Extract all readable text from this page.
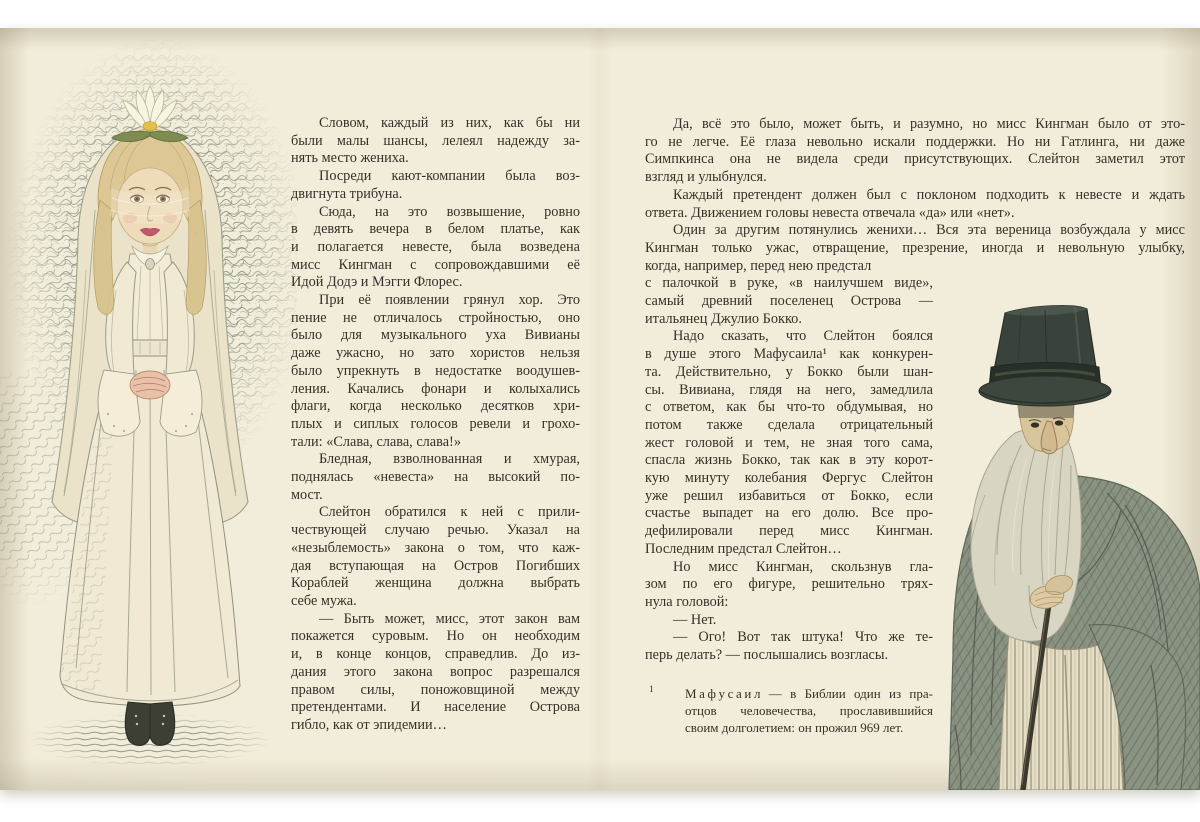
Словом, каждый из них, как бы ни
были малы шансы, лелеял надежду за-
нять место жениха.
Посреди кают-компании была воз-
двигнута трибуна.
Сюда, на это возвышение, ровно
в девять вечера в белом платье, как
и полагается невесте, была возведена
мисс Кингман с сопровождавшими её
Идой Додэ и Мэгги Флорес.
При её появлении грянул хор. Это
пение не отличалось стройностью, оно
было для музыкального уха Вивианы
даже ужасно, но зато хористов нельзя
было упрекнуть в недостатке воодушев-
ления. Качались фонари и колыхались
флаги, когда несколько десятков хри-
плых и сиплых голосов ревели и грохо-
тали: «Слава, слава, слава!»
Бледная, взволнованная и хмурая,
поднялась «невеста» на высокий по-
мост.
Слейтон обратился к ней с прили-
чествующей случаю речью. Указал на
«незыблемость» закона о том, что каж-
дая вступающая на Остров Погибших
Кораблей женщина должна выбрать
себе мужа.
— Быть может, мисс, этот закон вам
покажется суровым. Но он необходим
и, в конце концов, справедлив. До из-
дания этого закона вопрос разрешался
правом силы, поножовщиной между
претендентами. И население Острова
гибло, как от эпидемии…
Да, всё это было, может быть, и разумно, но мисс Кингман было от это-
го не легче. Её глаза невольно искали поддержки. Но ни Гатлинга, ни даже
Симпкинса она не видела среди присутствующих. Слейтон заметил этот
взгляд и улыбнулся.
Каждый претендент должен был с поклоном подходить к невесте и ждать
ответа. Движением головы невеста отвечала «да» или «нет».
Один за другим потянулись женихи… Вся эта вереница возбуждала у мисс
Кингман только ужас, отвращение, презрение, иногда и невольную улыбку,
когда, например, перед нею предстал
с палочкой в руке, «в наилучшем виде»,
самый древний поселенец Острова —
итальянец Джулио Бокко.
Надо сказать, что Слейтон боялся
в душе этого Мафусаила¹ как конкурен-
та. Действительно, у Бокко были шан-
сы. Вивиана, глядя на него, замедлила
с ответом, как бы что-то обдумывая, но
потом также сделала отрицательный
жест головой и тем, не зная того сама,
спасла жизнь Бокко, так как в эту корот-
кую минуту колебания Фергус Слейтон
уже решил избавиться от Бокко, если
счастье выпадет на его долю. Все про-
дефилировали перед мисс Кингман.
Последним предстал Слейтон…
Но мисс Кингман, скользнув гла-
зом по его фигуре, решительно трях-
нула головой:
— Нет.
— Ого! Вот так штука! Что же те-
перь делать? — послышались возгласы.
1 М а ф у с а и л — в Библии один из пра-
отцов человечества, прославившийся
своим долголетием: он прожил 969 лет.
